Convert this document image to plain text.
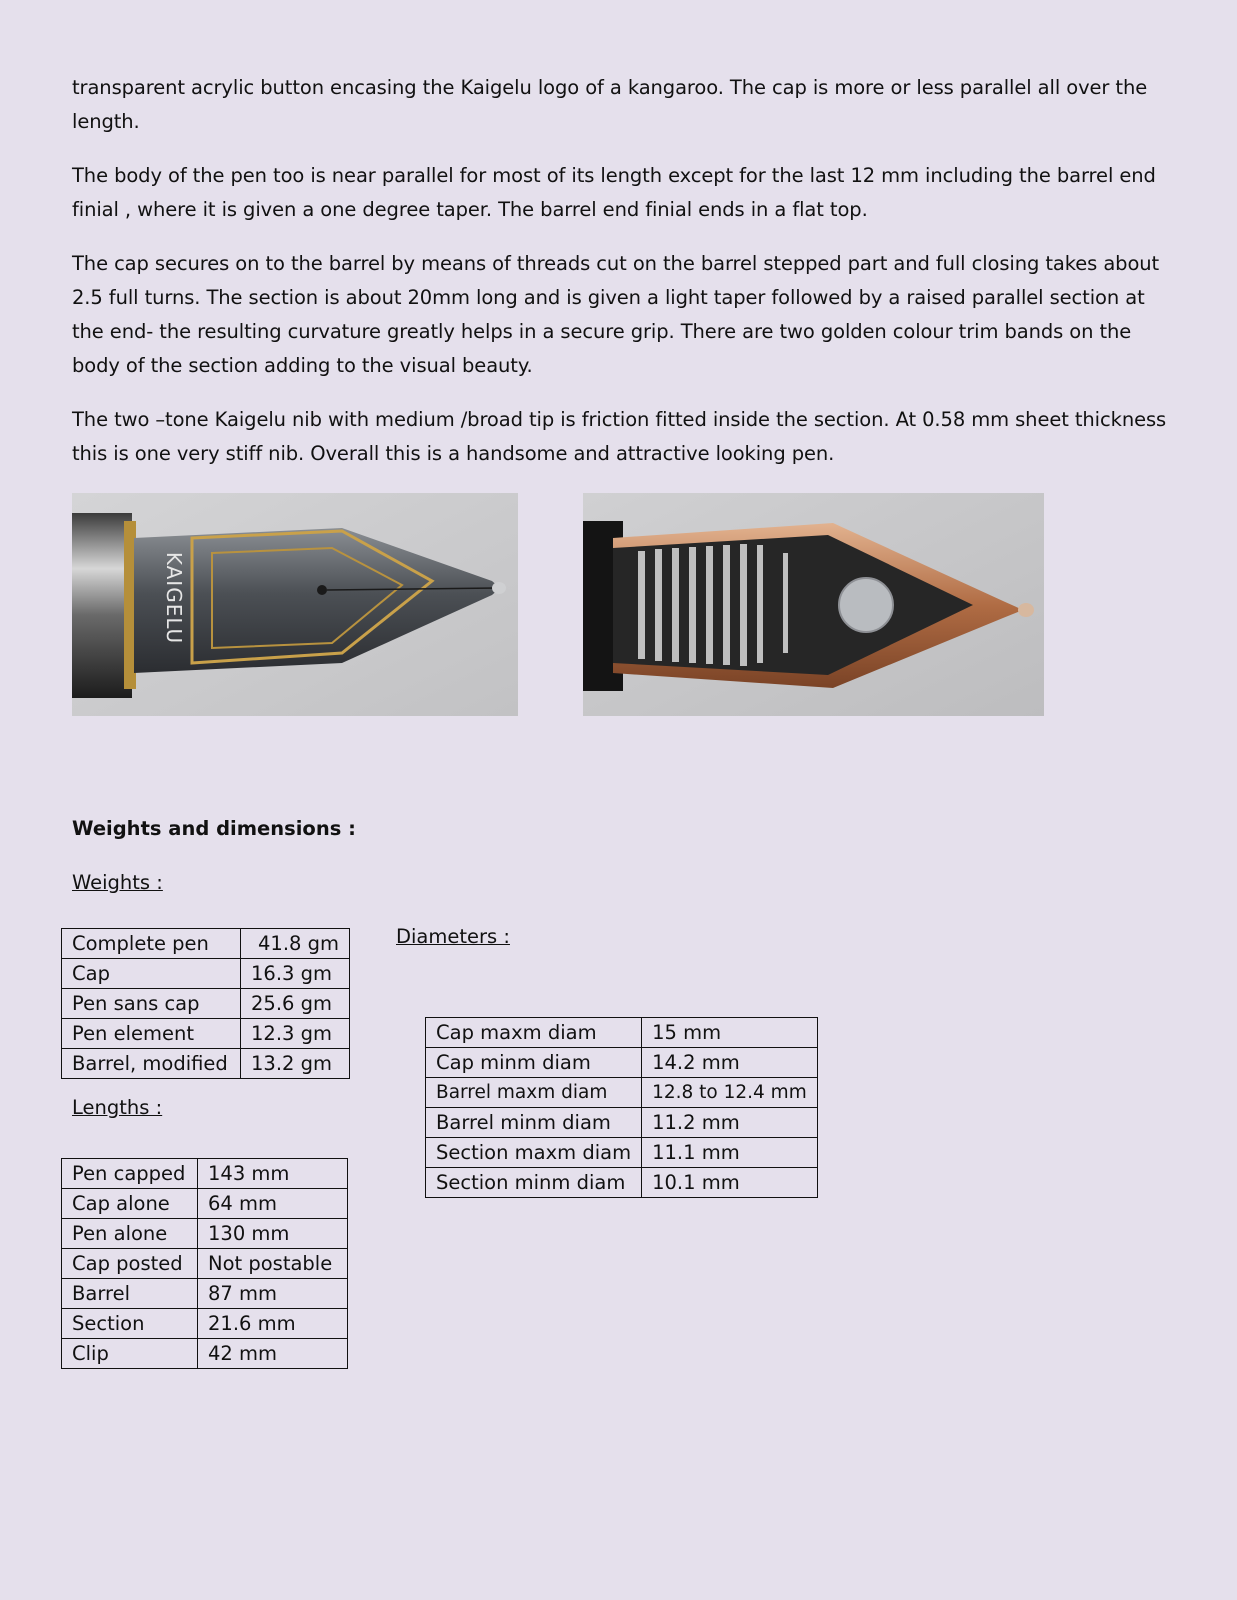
transparent acrylic button encasing the Kaigelu logo of a kangaroo. The cap is more or less parallel all over the length.

The body of the pen too is near parallel for most of its length except for the last 12 mm including the barrel end finial , where it is given a one degree taper. The barrel end finial ends in a flat top.

The cap secures on to the barrel by means of threads cut on the barrel stepped part and full closing takes about 2.5 full turns. The section is about 20mm long and is given a light taper followed by a raised parallel section at the end- the resulting curvature greatly helps in a secure grip. There are two golden colour trim bands on the body of the section adding to the visual beauty.

The two –tone Kaigelu nib with medium /broad tip is friction fitted inside the section. At 0.58 mm sheet thickness this is one very stiff nib. Overall this is a handsome and attractive looking pen.

KAIGELU

Weights and dimensions :

Weights :

Complete pen	41.8 gm
Cap	16.3 gm
Pen sans cap	25.6 gm
Pen element	12.3 gm
Barrel, modified	13.2 gm

Lengths :

Pen capped	143 mm
Cap alone	64 mm
Pen alone	130 mm
Cap posted	Not postable
Barrel	87 mm
Section	21.6 mm
Clip	42 mm

Diameters :

Cap maxm diam	15 mm
Cap minm diam	14.2 mm
Barrel maxm diam	12.8 to 12.4 mm
Barrel minm diam	11.2 mm
Section maxm diam	11.1 mm
Section minm diam	10.1 mm
